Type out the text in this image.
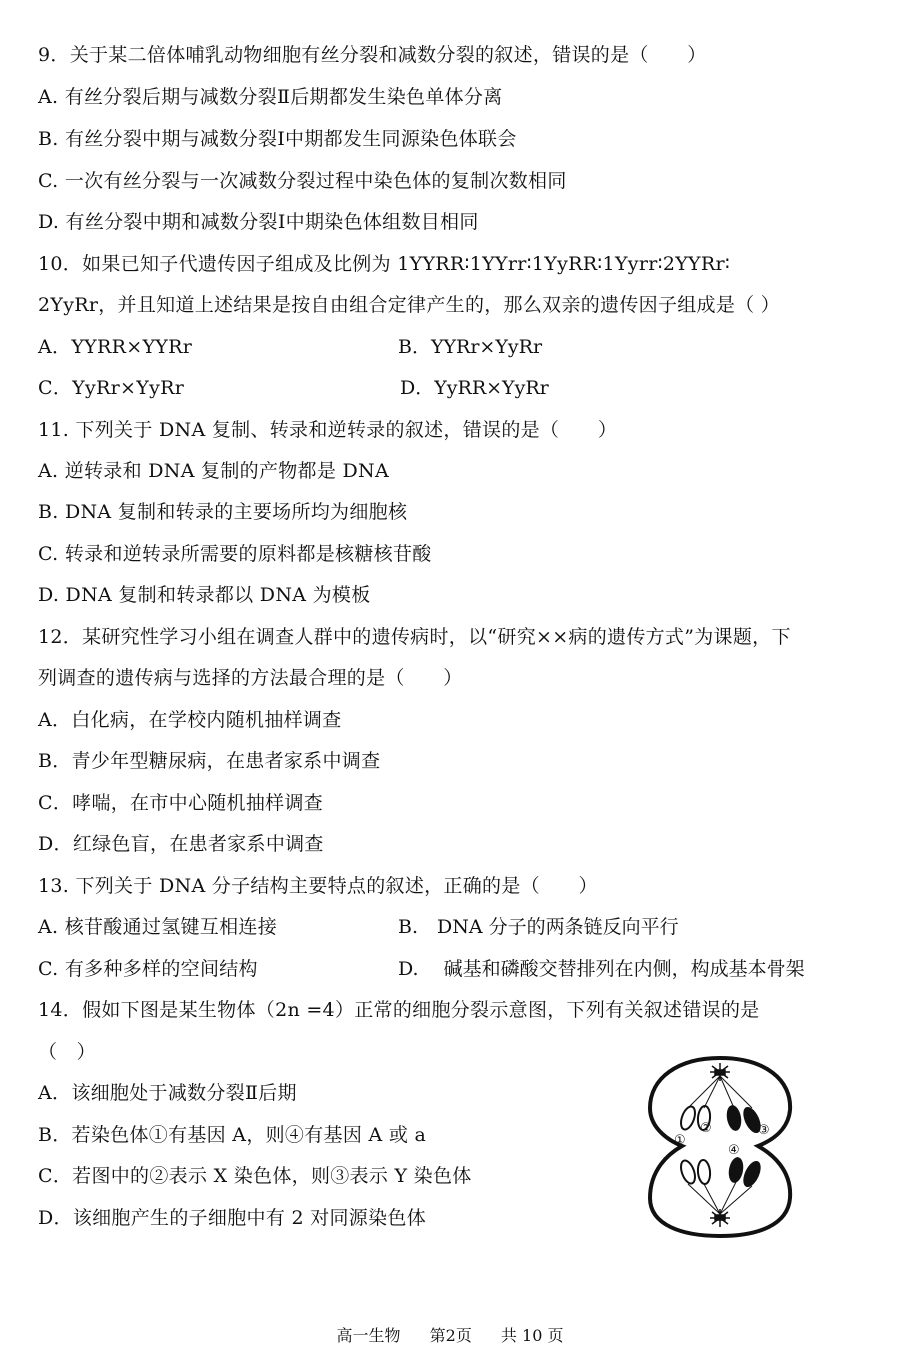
9．关于某二倍体哺乳动物细胞有丝分裂和减数分裂的叙述，错误的是（　　）
A. 有丝分裂后期与减数分裂Ⅱ后期都发生染色单体分离
B. 有丝分裂中期与减数分裂Ⅰ中期都发生同源染色体联会
C. 一次有丝分裂与一次减数分裂过程中染色体的复制次数相同
D. 有丝分裂中期和减数分裂Ⅰ中期染色体组数目相同
10．如果已知子代遗传因子组成及比例为 1YYRR∶1YYrr∶1YyRR∶1Yyrr∶2YYRr∶
2YyRr，并且知道上述结果是按自由组合定律产生的，那么双亲的遗传因子组成是（ ）
A．YYRR×YYRr	B．YYRr×YyRr
C．YyRr×YyRr	D．YyRR×YyRr
11. 下列关于 DNA 复制、转录和逆转录的叙述，错误的是（　　）
A. 逆转录和 DNA 复制的产物都是 DNA
B. DNA 复制和转录的主要场所均为细胞核
C. 转录和逆转录所需要的原料都是核糖核苷酸
D. DNA 复制和转录都以 DNA 为模板
12．某研究性学习小组在调查人群中的遗传病时，以“研究××病的遗传方式”为课题，下
列调查的遗传病与选择的方法最合理的是（　　）
A．白化病，在学校内随机抽样调查
B．青少年型糖尿病，在患者家系中调查
C．哮喘，在市中心随机抽样调查
D．红绿色盲，在患者家系中调查
13. 下列关于 DNA 分子结构主要特点的叙述，正确的是（　　）
A. 核苷酸通过氢键互相连接	B.　DNA 分子的两条链反向平行
C. 有多种多样的空间结构	D.　 碱基和磷酸交替排列在内侧，构成基本骨架
14．假如下图是某生物体（2n =4）正常的细胞分裂示意图，下列有关叙述错误的是
（　）
A．该细胞处于减数分裂Ⅱ后期
B．若染色体①有基因 A，则④有基因 A 或 a
C．若图中的②表示 X 染色体，则③表示 Y 染色体
D．该细胞产生的子细胞中有 2 对同源染色体
①
②	③
④
高一生物 第2页 共 10 页
